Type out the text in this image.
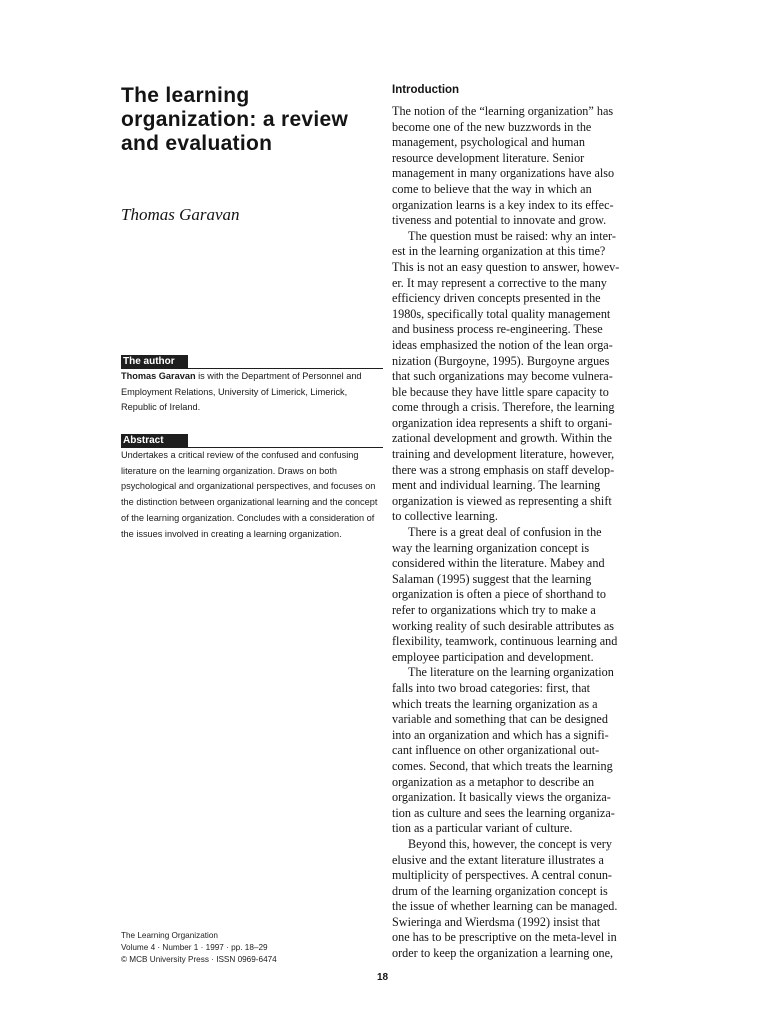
The learning
organization: a review
and evaluation
Thomas Garavan
The author

Thomas Garavan is with the Department of Personnel and Employment Relations, University of Limerick, Limerick, Republic of Ireland.

Abstract

Undertakes a critical review of the confused and confusing literature on the learning organization. Draws on both psychological and organizational perspectives, and focuses on the distinction between organizational learning and the concept of the learning organization. Concludes with a consideration of the issues involved in creating a learning organization.

The Learning Organization
Volume 4 · Number 1 · 1997 · pp. 18–29
© MCB University Press · ISSN 0969-6474
Introduction
The notion of the “learning organization” has
become one of the new buzzwords in the
management, psychological and human
resource development literature. Senior
management in many organizations have also
come to believe that the way in which an
organization learns is a key index to its effec-
tiveness and potential to innovate and grow.
The question must be raised: why an inter-
est in the learning organization at this time?
This is not an easy question to answer, howev-
er. It may represent a corrective to the many
efficiency driven concepts presented in the
1980s, specifically total quality management
and business process re-engineering. These
ideas emphasized the notion of the lean orga-
nization (Burgoyne, 1995). Burgoyne argues
that such organizations may become vulnera-
ble because they have little spare capacity to
come through a crisis. Therefore, the learning
organization idea represents a shift to organi-
zational development and growth. Within the
training and development literature, however,
there was a strong emphasis on staff develop-
ment and individual learning. The learning
organization is viewed as representing a shift
to collective learning.
There is a great deal of confusion in the
way the learning organization concept is
considered within the literature. Mabey and
Salaman (1995) suggest that the learning
organization is often a piece of shorthand to
refer to organizations which try to make a
working reality of such desirable attributes as
flexibility, teamwork, continuous learning and
employee participation and development.
The literature on the learning organization
falls into two broad categories: first, that
which treats the learning organization as a
variable and something that can be designed
into an organization and which has a signifi-
cant influence on other organizational out-
comes. Second, that which treats the learning
organization as a metaphor to describe an
organization. It basically views the organiza-
tion as culture and sees the learning organiza-
tion as a particular variant of culture.
Beyond this, however, the concept is very
elusive and the extant literature illustrates a
multiplicity of perspectives. A central conun-
drum of the learning organization concept is
the issue of whether learning can be managed.
Swieringa and Wierdsma (1992) insist that
one has to be prescriptive on the meta-level in
order to keep the organization a learning one,
18
